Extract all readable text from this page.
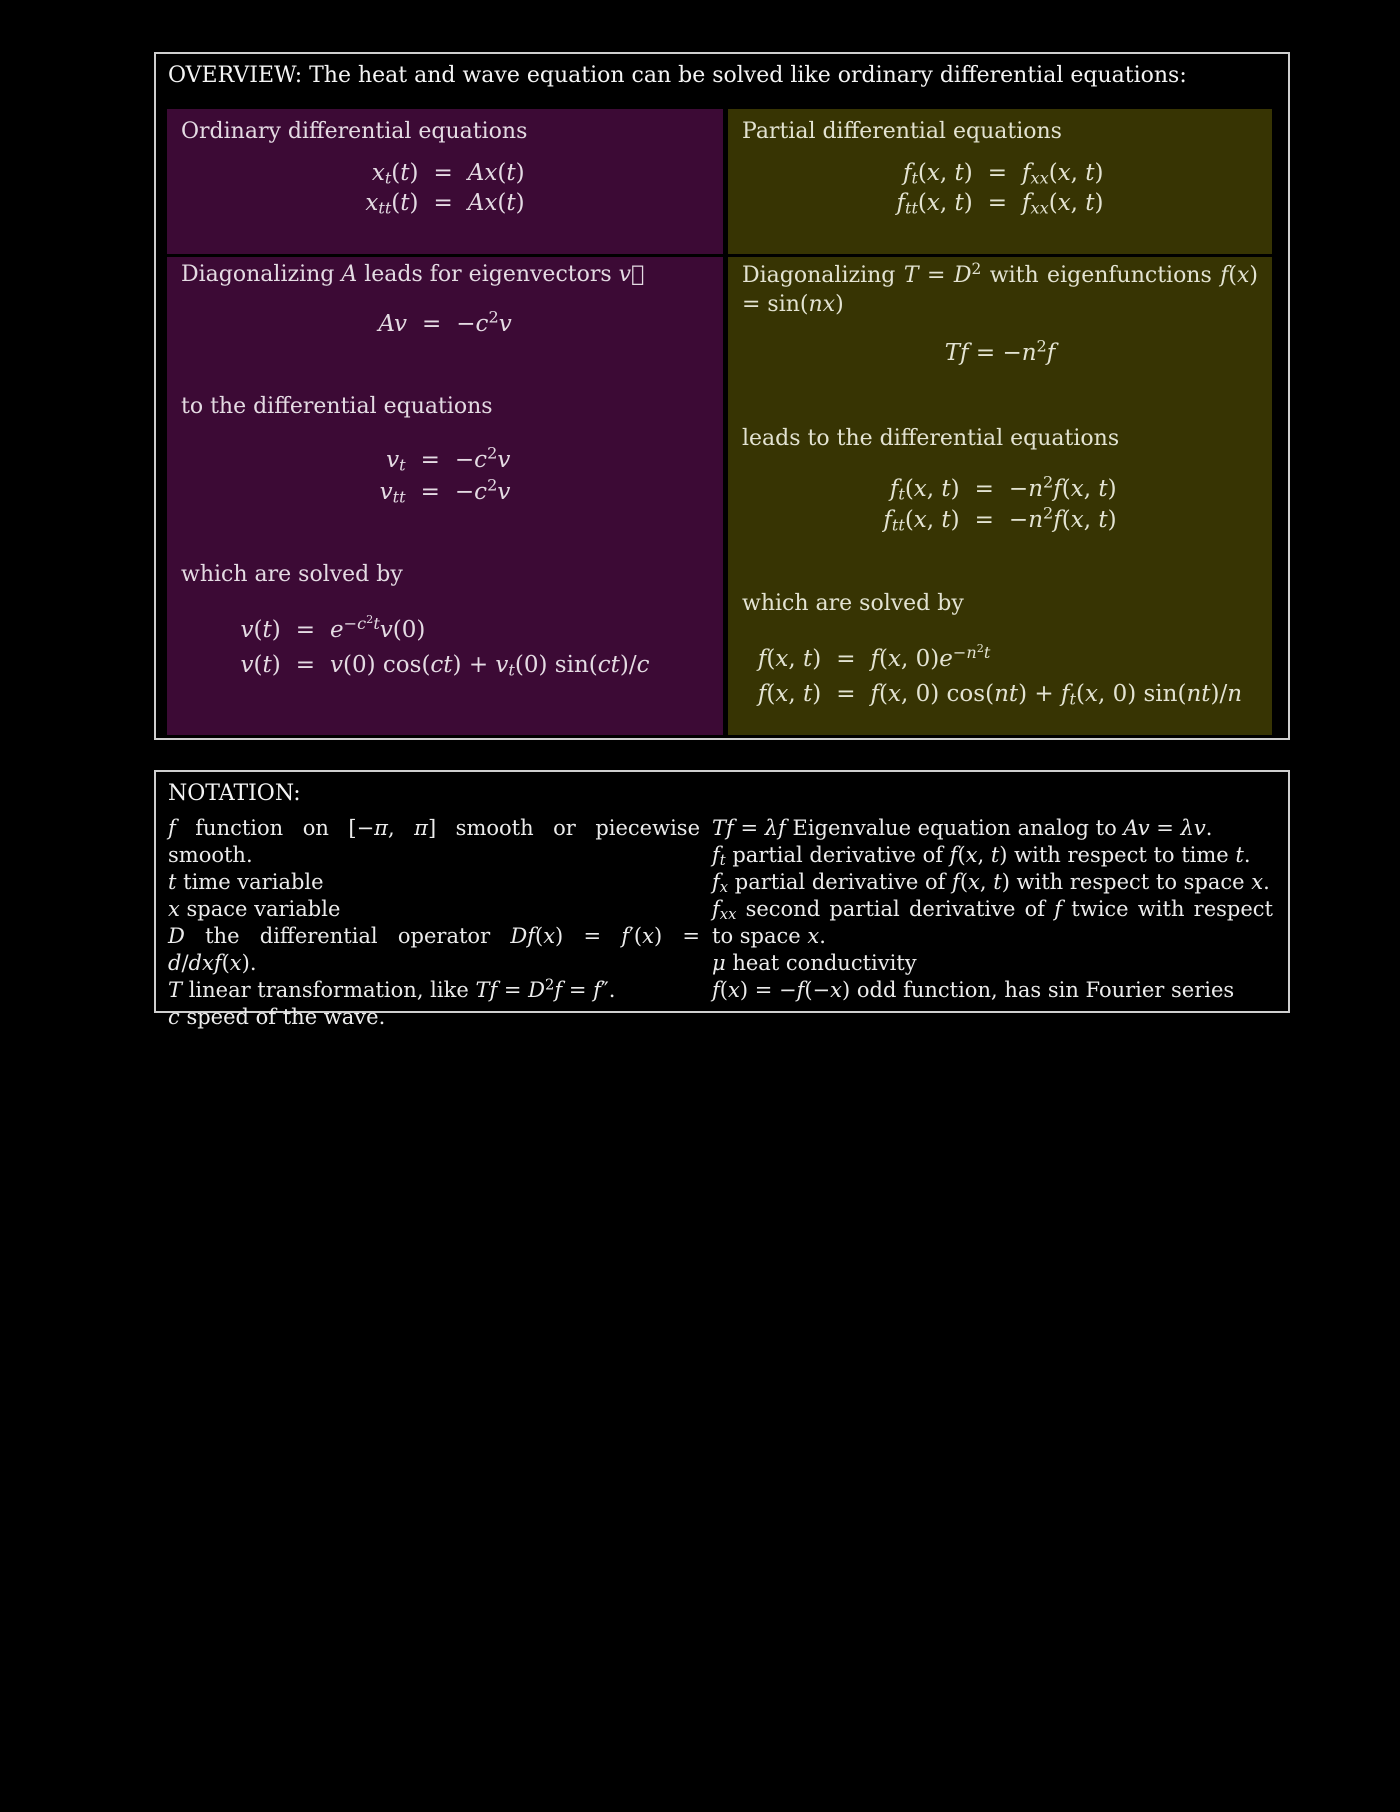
OVERVIEW: The heat and wave equation can be solved like ordinary differential equations:
Ordinary differential equations
$x_t(t) = Ax(t)$
$x_{tt}(t) = Ax(t)$
Partial differential equations
$f_t(x$, $t) = f_{xx}(x$, t)
$f_{tt}(x$, $t) = f_{xx}(x$, t)
Diagonalizing A leads for eigenvectors v⃗
$Av = -c^2v$
to the differential equations
$v_t = -c^2v$
$v_{tt} = -c^2v$
which are solved by
$v(t) = e^{-c^2t}v(0)$
v(t) = v(0) $\cos(ct) + v_t(0)$ sin(ct)/c
Diagonalizing $T = D^2$ with eigenfunctions f(x) = sin(nx)
$Tf = -n^2f$
leads to the differential equations
$f_t(x$, $t) = -n^2f(x$, t)
$f_{tt}(x$, $t) = -n^2f(x$, t)
which are solved by
f(x, t) = f(x, $0)e^{-n^2t}$
f(x, t) = f(x, 0) $\cos(nt) + f_t(x$, 0) sin(nt)/n
NOTATION:
f function on [−π, π] smooth or piecewise smooth.
t time variable
x space variable
D the differential operator Df(x) = f′(x) = d/dxf(x).
T linear transformation, like $Tf = D^2f = f''$.
c speed of the wave.
Tf = λf Eigenvalue equation analog to Av = λv.
$f_t$ partial derivative of f(x, t) with respect to time t.
$f_x$ partial derivative of f(x, t) with respect to space x.
$f_{xx}$ second partial derivative of f twice with respect to space x.
μ heat conductivity
f(x) = −f(−x) odd function, has sin Fourier series
